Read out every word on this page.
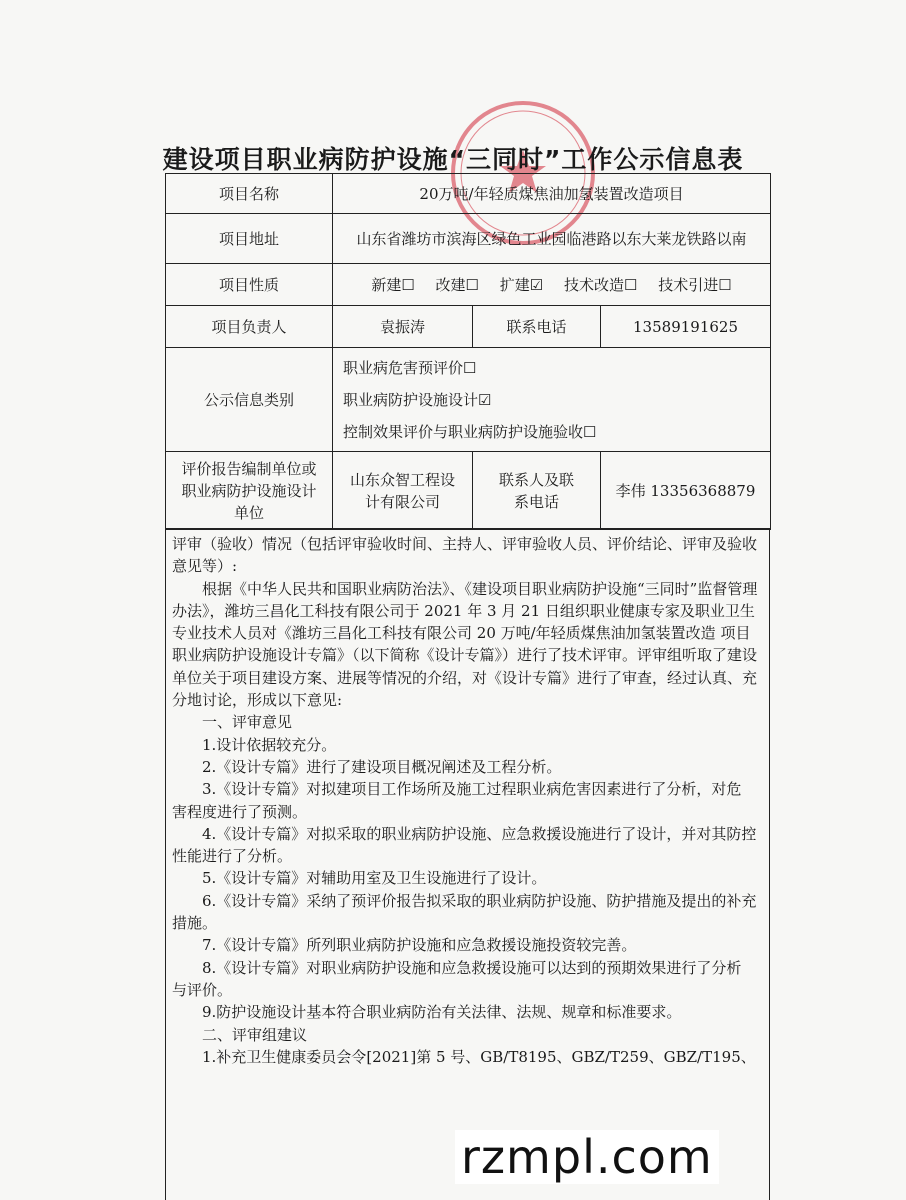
建设项目职业病防护设施“三同时”工作公示信息表
项目名称	20万吨/年轻质煤焦油加氢装置改造项目		
项目地址	山东省潍坊市滨海区绿色工业园临港路以东大莱龙铁路以南		
项目性质	新建☐ 改建☐ 扩建☑ 技术改造☐ 技术引进☐		
项目负责人	袁振涛	联系电话	13589191625
公示信息类别	职业病危害预评价☐
职业病防护设施设计☑
控制效果评价与职业病防护设施验收☐		

评价报告编制单位或职业病防护设施设计单位	山东众智工程设计有限公司	联系人及联系电话	李伟 13356368879

评审（验收）情况（包括评审验收时间、主持人、评审验收人员、评价结论、评审及验收意见等）:

根据《中华人民共和国职业病防治法》、《建设项目职业病防护设施“三同时”监督管理办法》，潍坊三昌化工科技有限公司于 2021 年 3 月 21 日组织职业健康专家及职业卫生专业技术人员对《潍坊三昌化工科技有限公司 20 万吨/年轻质煤焦油加氢装置改造 项目职业病防护设施设计专篇》（以下简称《设计专篇》）进行了技术评审。评审组听取了建设单位关于项目建设方案、进展等情况的介绍，对《设计专篇》进行了审查，经过认真、充分地讨论，形成以下意见:

一、评审意见

1.设计依据较充分。

2.《设计专篇》进行了建设项目概况阐述及工程分析。

3.《设计专篇》对拟建项目工作场所及施工过程职业病危害因素进行了分析，对危 害程度进行了预测。

4.《设计专篇》对拟采取的职业病防护设施、应急救援设施进行了设计，并对其防控性能进行了分析。

5.《设计专篇》对辅助用室及卫生设施进行了设计。

6.《设计专篇》采纳了预评价报告拟采取的职业病防护设施、防护措施及提出的补充措施。

7.《设计专篇》所列职业病防护设施和应急救援设施投资较完善。

8.《设计专篇》对职业病防护设施和应急救援设施可以达到的预期效果进行了分析

与评价。

9.防护设施设计基本符合职业病防治有关法律、法规、规章和标准要求。

二、评审组建议

1.补充卫生健康委员会令[2021]第 5 号、GB/T8195、GBZ/T259、GBZ/T195、

rzmpl.com
